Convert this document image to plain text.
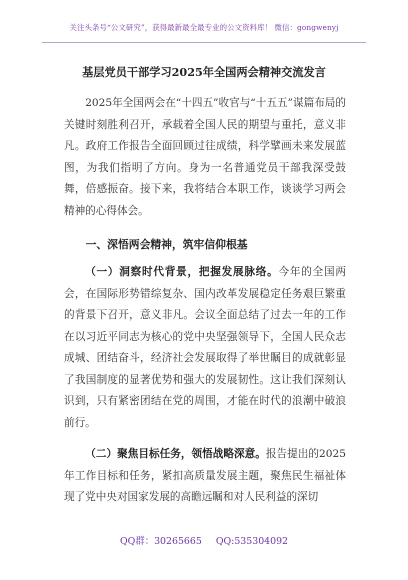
关注头条号“公文研究”，获得最新最全最专业的公文资料库！ 微信：gongwenyj
基层党员干部学习2025年全国两会精神交流发言

2025年全国两会在“十四五”收官与“十五五”谋篇布局的关键时刻胜利召开，承载着全国人民的期望与重托，意义非凡。政府工作报告全面回顾过往成绩，科学擘画未来发展蓝图，为我们指明了方向。身为一名普通党员干部我深受鼓舞，倍感振奋。接下来，我将结合本职工作，谈谈学习两会精神的心得体会。

一、深悟两会精神，筑牢信仰根基

（一）洞察时代背景，把握发展脉络。今年的全国两会，在国际形势错综复杂、国内改革发展稳定任务艰巨繁重的背景下召开，意义非凡。会议全面总结了过去一年的工作在以习近平同志为核心的党中央坚强领导下，全国人民众志成城、团结奋斗，经济社会发展取得了举世瞩目的成就彰显了我国制度的显著优势和强大的发展韧性。这让我们深刻认识到，只有紧密团结在党的周围，才能在时代的浪潮中破浪前行。

（二）聚焦目标任务，领悟战略深意。报告提出的2025年工作目标和任务，紧扣高质量发展主题，聚焦民生福祉体现了党中央对国家发展的高瞻远瞩和对人民利益的深切

QQ群：30265665 QQ:535304092
